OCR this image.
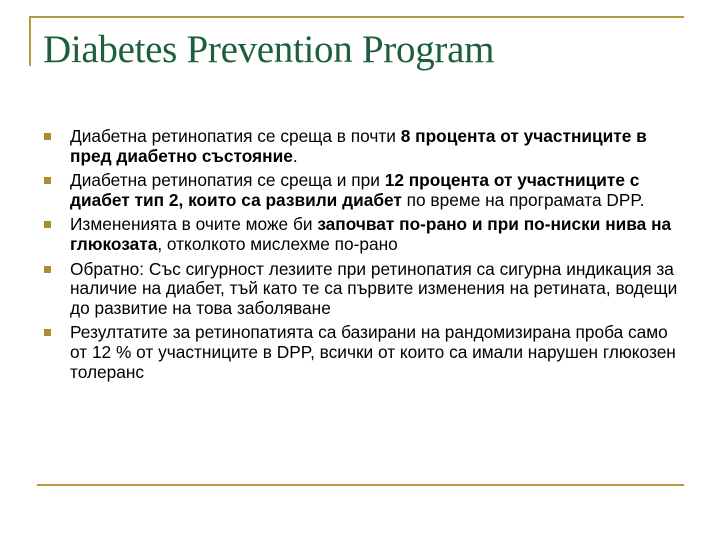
Diabetes Prevention Program
Диабетна ретинопатия се среща в почти 8 процента от участниците в пред диабетно състояние.
Диабетна ретинопатия се среща и при 12 процента от участниците с диабет тип 2, които са развили диабет по време на програмата DPP.
Измененията в очите може би започват по-рано и при по-ниски нива на глюкозата, отколкото мислехме по-рано
Обратно: Със сигурност лезиите при ретинопатия са сигурна индикация за наличие на диабет, тъй като те са първите изменения на ретината, водещи до развитие на това заболяване
Резултатите за ретинопатията са базирани на рандомизирана проба само от 12 % от участниците в DPP, всички от които са имали нарушен глюкозен толеранс
